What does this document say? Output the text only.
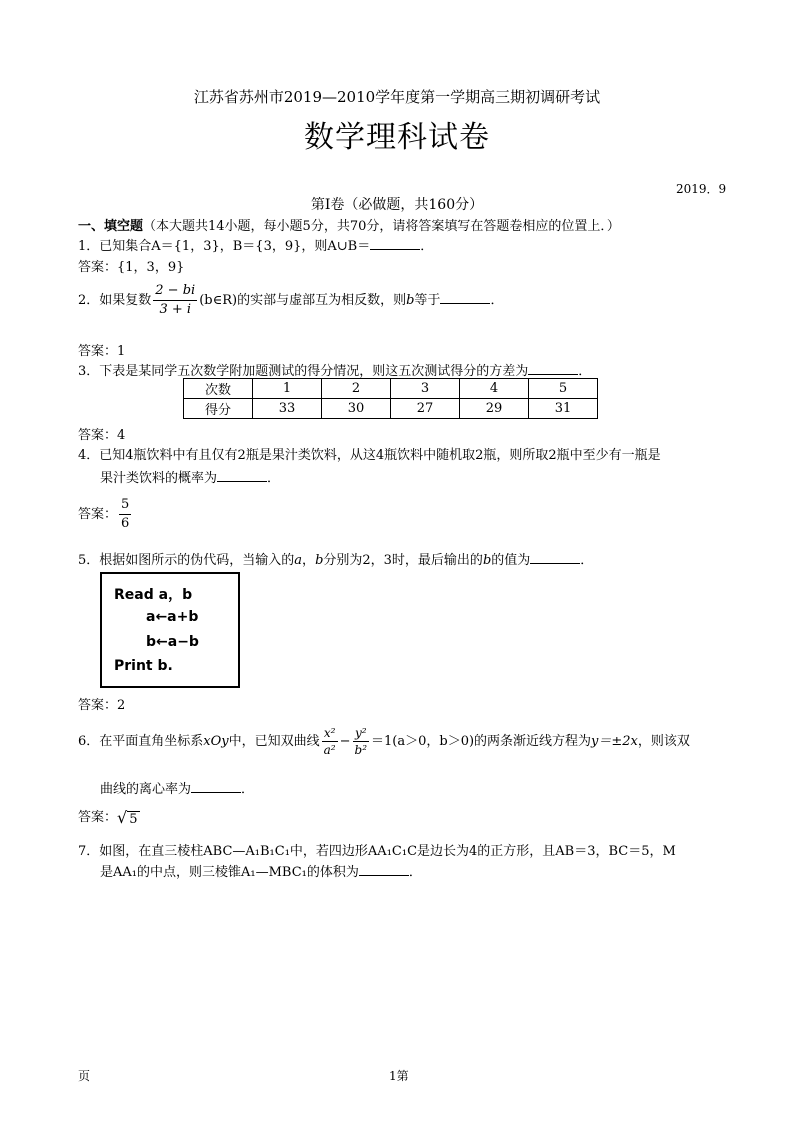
江苏省苏州市2019—2010学年度第一学期高三期初调研考试
数学理科试卷
2019．9
第Ⅰ卷（必做题，共160分）
一、填空题（本大题共14小题，每小题5分，共70分，请将答案填写在答题卷相应的位置上．）
1．已知集合A＝{1，3}，B＝{3，9}，则A∪B＝	．
答案：{1，3，9}
2．如果复数 $\frac{2 - bi}{3 + i}$ (b∈R)的实部与虚部互为相反数，则b等于	．
答案：1
3．下表是某同学五次数学附加题测试的得分情况，则这五次测试得分的方差为	．
次数	1	2	3	4	5
得分	33	30	27	29	31
答案：4
4．已知4瓶饮料中有且仅有2瓶是果汁类饮料，从这4瓶饮料中随机取2瓶，则所取2瓶中至少有一瓶是
果汁类饮料的概率为	．
答案： $\frac{5}{6}$
5．根据如图所示的伪代码，当输入的a，b分别为2，3时，最后输出的b的值为	．
Read a，b
a←a+b
b←a−b
Print b.
答案：2
6．在平面直角坐标系xOy中，已知双曲线 $\frac{\text{x²}}{\text{a²}} - \frac{\text{y²}}{\text{b²}} =1(a>0$，b＞0)的两条渐近线方程为y＝±2x，则该双
曲线的离心率为	．
答案：√ 5
7．如图，在直三棱柱ABC—A₁B₁C₁中，若四边形AA₁C₁C是边长为4的正方形，且AB＝3，BC＝5，M
是AA₁的中点，则三棱锥A₁—MBC₁的体积为	．
页	1第
